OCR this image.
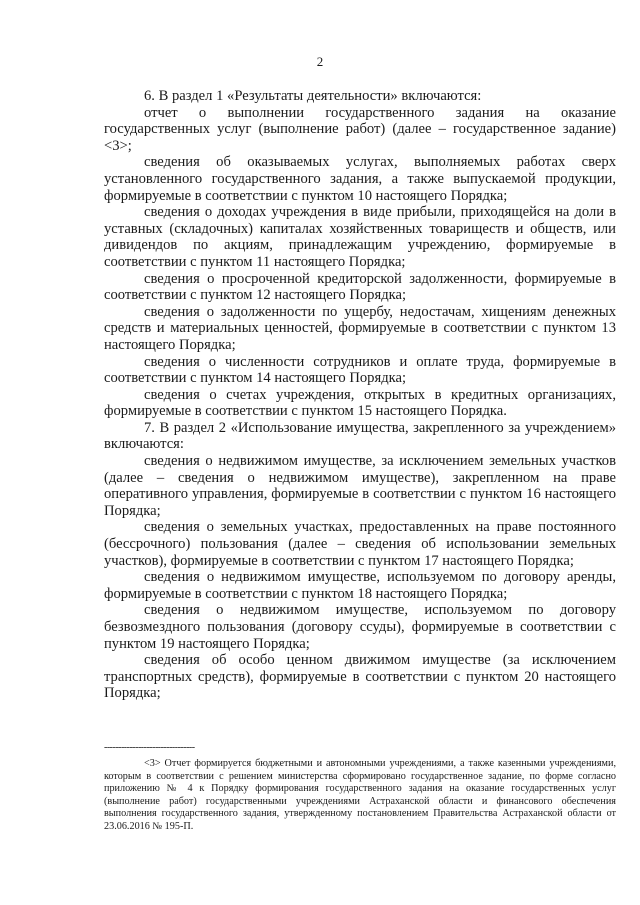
2

6. В раздел 1 «Результаты деятельности» включаются:

отчет о выполнении государственного задания на оказание государственных услуг (выполнение работ) (далее – государственное задание) <3>;

сведения об оказываемых услугах, выполняемых работах сверх установленного государственного задания, а также выпускаемой продукции, формируемые в соответствии с пунктом 10 настоящего Порядка;

сведения о доходах учреждения в виде прибыли, приходящейся на доли в уставных (складочных) капиталах хозяйственных товариществ и обществ, или дивидендов по акциям, принадлежащим учреждению, формируемые в соответствии с пунктом 11 настоящего Порядка;

сведения о просроченной кредиторской задолженности, формируемые в соответствии с пунктом 12 настоящего Порядка;

сведения о задолженности по ущербу, недостачам, хищениям денежных средств и материальных ценностей, формируемые в соответствии с пунктом 13 настоящего Порядка;

сведения о численности сотрудников и оплате труда, формируемые в соответствии с пунктом 14 настоящего Порядка;

сведения о счетах учреждения, открытых в кредитных организациях, формируемые в соответствии с пунктом 15 настоящего Порядка.

7. В раздел 2 «Использование имущества, закрепленного за учреждением» включаются:

сведения о недвижимом имуществе, за исключением земельных участков (далее – сведения о недвижимом имуществе), закрепленном на праве оперативного управления, формируемые в соответствии с пунктом 16 настоящего Порядка;

сведения о земельных участках, предоставленных на праве постоянного (бессрочного) пользования (далее – сведения об использовании земельных участков), формируемые в соответствии с пунктом 17 настоящего Порядка;

сведения о недвижимом имуществе, используемом по договору аренды, формируемые в соответствии с пунктом 18 настоящего Порядка;

сведения о недвижимом имуществе, используемом по договору безвозмездного пользования (договору ссуды), формируемые в соответствии с пунктом 19 настоящего Порядка;

сведения об особо ценном движимом имуществе (за исключением транспортных средств), формируемые в соответствии с пунктом 20 настоящего Порядка;

--------------------------------

<3> Отчет формируется бюджетными и автономными учреждениями, а также казенными учреждениями, которым в соответствии с решением министерства сформировано государственное задание, по форме согласно приложению № 4 к Порядку формирования государственного задания на оказание государственных услуг (выполнение работ) государственными учреждениями Астраханской области и финансового обеспечения выполнения государственного задания, утвержденному постановлением Правительства Астраханской области от 23.06.2016 № 195-П.
